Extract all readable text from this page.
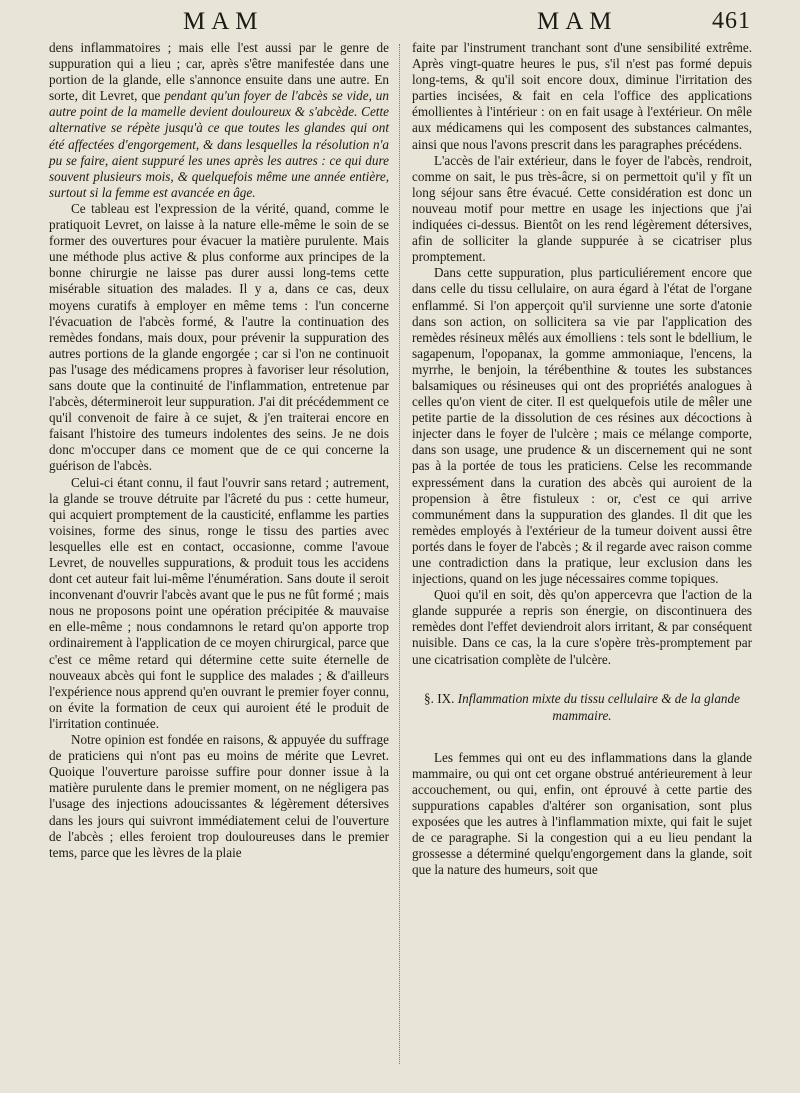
MAM	MAM	461

dens inflammatoires ; mais elle l'est aussi par le genre de suppuration qui a lieu ; car, après s'être manifestée dans une portion de la glande, elle s'annonce ensuite dans une autre. En sorte, dit Levret, que pendant qu'un foyer de l'abcès se vide, un autre point de la mamelle devient douloureux & s'abcède. Cette alternative se répète jusqu'à ce que toutes les glandes qui ont été affectées d'engorgement, & dans lesquelles la résolution n'a pu se faire, aient suppuré les unes après les autres : ce qui dure souvent plusieurs mois, & quelquefois même une année entière, surtout si la femme est avancée en âge.

Ce tableau est l'expression de la vérité, quand, comme le pratiquoit Levret, on laisse à la nature elle-même le soin de se former des ouvertures pour évacuer la matière purulente. Mais une méthode plus active & plus conforme aux principes de la bonne chirurgie ne laisse pas durer aussi long-tems cette misérable situation des malades. Il y a, dans ce cas, deux moyens curatifs à employer en même tems : l'un concerne l'évacuation de l'abcès formé, & l'autre la continuation des remèdes fondans, mais doux, pour prévenir la suppuration des autres portions de la glande engorgée ; car si l'on ne continuoit pas l'usage des médicamens propres à favoriser leur résolution, sans doute que la continuité de l'inflammation, entretenue par l'abcès, détermineroit leur suppuration. J'ai dit précédemment ce qu'il convenoit de faire à ce sujet, & j'en traiterai encore en faisant l'histoire des tumeurs indolentes des seins. Je ne dois donc m'occuper dans ce moment que de ce qui concerne la guérison de l'abcès.

Celui-ci étant connu, il faut l'ouvrir sans retard ; autrement, la glande se trouve détruite par l'âcreté du pus : cette humeur, qui acquiert promptement de la causticité, enflamme les parties voisines, forme des sinus, ronge le tissu des parties avec lesquelles elle est en contact, occasionne, comme l'avoue Levret, de nouvelles suppurations, & produit tous les accidens dont cet auteur fait lui-même l'énumération. Sans doute il seroit inconvenant d'ouvrir l'abcès avant que le pus ne fût formé ; mais nous ne proposons point une opération précipitée & mauvaise en elle-même ; nous condamnons le retard qu'on apporte trop ordinairement à l'application de ce moyen chirurgical, parce que c'est ce même retard qui détermine cette suite éternelle de nouveaux abcès qui font le supplice des malades ; & d'ailleurs l'expérience nous apprend qu'en ouvrant le premier foyer connu, on évite la formation de ceux qui auroient été le produit de l'irritation continuée.

Notre opinion est fondée en raisons, & appuyée du suffrage de praticiens qui n'ont pas eu moins de mérite que Levret. Quoique l'ouverture paroisse suffire pour donner issue à la matière purulente dans le premier moment, on ne négligera pas l'usage des injections adoucissantes & légèrement détersives dans les jours qui suivront immédiatement celui de l'ouverture de l'abcès ; elles feroient trop douloureuses dans le premier tems, parce que les lèvres de la plaie

faite par l'instrument tranchant sont d'une sensibilité extrême. Après vingt-quatre heures le pus, s'il n'est pas formé depuis long-tems, & qu'il soit encore doux, diminue l'irritation des parties incisées, & fait en cela l'office des applications émollientes à l'intérieur : on en fait usage à l'extérieur. On mêle aux médicamens qui les composent des substances calmantes, ainsi que nous l'avons prescrit dans les paragraphes précédens.

L'accès de l'air extérieur, dans le foyer de l'abcès, rendroit, comme on sait, le pus très-âcre, si on permettoit qu'il y fît un long séjour sans être évacué. Cette considération est donc un nouveau motif pour mettre en usage les injections que j'ai indiquées ci-dessus. Bientôt on les rend légèrement détersives, afin de solliciter la glande suppurée à se cicatriser plus promptement.

Dans cette suppuration, plus particuliérement encore que dans celle du tissu cellulaire, on aura égard à l'état de l'organe enflammé. Si l'on apperçoit qu'il survienne une sorte d'atonie dans son action, on sollicitera sa vie par l'application des remèdes résineux mêlés aux émolliens : tels sont le bdellium, le sagapenum, l'opopanax, la gomme ammoniaque, l'encens, la myrrhe, le benjoin, la térébenthine & toutes les substances balsamiques ou résineuses qui ont des propriétés analogues à celles qu'on vient de citer. Il est quelquefois utile de mêler une petite partie de la dissolution de ces résines aux décoctions à injecter dans le foyer de l'ulcère ; mais ce mélange comporte, dans son usage, une prudence & un discernement qui ne sont pas à la portée de tous les praticiens. Celse les recommande expressément dans la curation des abcès qui auroient de la propension à être fistuleux : or, c'est ce qui arrive communément dans la suppuration des glandes. Il dit que les remèdes employés à l'extérieur de la tumeur doivent aussi être portés dans le foyer de l'abcès ; & il regarde avec raison comme une contradiction dans la pratique, leur exclusion dans les injections, quand on les juge nécessaires comme topiques.

Quoi qu'il en soit, dès qu'on appercevra que l'action de la glande suppurée a repris son énergie, on discontinuera des remèdes dont l'effet deviendroit alors irritant, & par conséquent nuisible. Dans ce cas, la la cure s'opère très-promptement par une cicatrisation complète de l'ulcère.

§. IX. Inflammation mixte du tissu cellulaire & de la glande mammaire.

Les femmes qui ont eu des inflammations dans la glande mammaire, ou qui ont cet organe obstrué antérieurement à leur accouchement, ou qui, enfin, ont éprouvé à cette partie des suppurations capables d'altérer son organisation, sont plus exposées que les autres à l'inflammation mixte, qui fait le sujet de ce paragraphe. Si la congestion qui a eu lieu pendant la grossesse a déterminé quelqu'engorgement dans la glande, soit que la nature des humeurs, soit que
